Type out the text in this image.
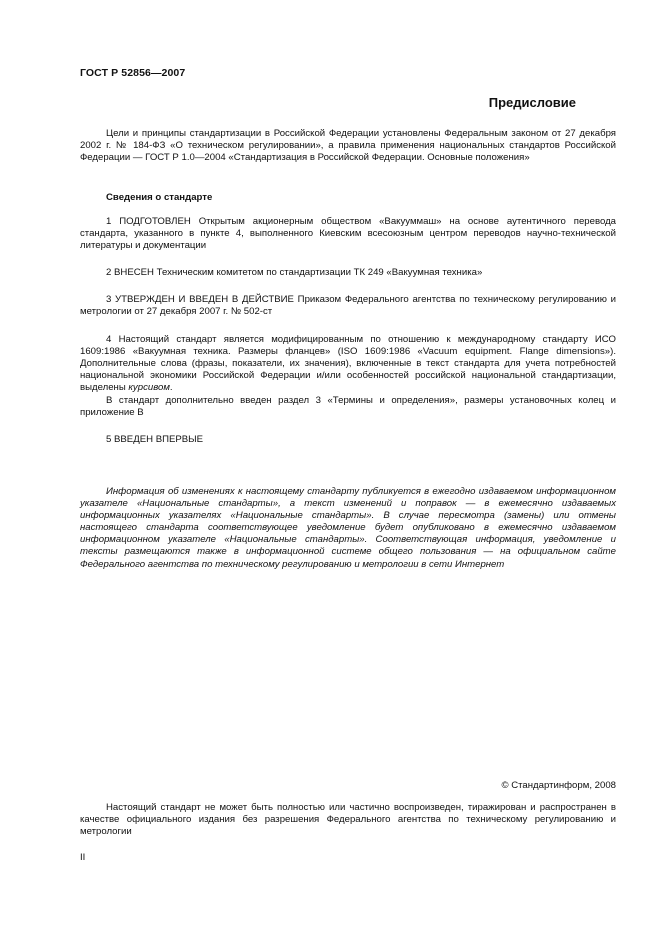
ГОСТ Р 52856—2007
Предисловие

Цели и принципы стандартизации в Российской Федерации установлены Федеральным законом от 27 декабря 2002 г. № 184-ФЗ «О техническом регулировании», а правила применения национальных стандартов Российской Федерации — ГОСТ Р 1.0—2004 «Стандартизация в Российской Федерации. Основные положения»

Сведения о стандарте

1 ПОДГОТОВЛЕН Открытым акционерным обществом «Вакууммаш» на основе аутентичного перевода стандарта, указанного в пункте 4, выполненного Киевским всесоюзным центром переводов научно-технической литературы и документации

2 ВНЕСЕН Техническим комитетом по стандартизации ТК 249 «Вакуумная техника»

3 УТВЕРЖДЕН И ВВЕДЕН В ДЕЙСТВИЕ Приказом Федерального агентства по техническому регулированию и метрологии от 27 декабря 2007 г. № 502-ст

4 Настоящий стандарт является модифицированным по отношению к международному стандарту ИСО 1609:1986 «Вакуумная техника. Размеры фланцев» (ISO 1609:1986 «Vacuum equipment. Flange dimensions»). Дополнительные слова (фразы, показатели, их значения), включенные в текст стандарта для учета потребностей национальной экономики Российской Федерации и/или особенностей российской национальной стандартизации, выделены курсивом.

В стандарт дополнительно введен раздел 3 «Термины и определения», размеры установочных колец и приложение В

5 ВВЕДЕН ВПЕРВЫЕ

Информация об изменениях к настоящему стандарту публикуется в ежегодно издаваемом информационном указателе «Национальные стандарты», а текст изменений и поправок — в ежемесячно издаваемых информационных указателях «Национальные стандарты». В случае пересмотра (замены) или отмены настоящего стандарта соответствующее уведомление будет опубликовано в ежемесячно издаваемом информационном указателе «Национальные стандарты». Соответствующая информация, уведомление и тексты размещаются также в информационной системе общего пользования — на официальном сайте Федерального агентства по техническому регулированию и метрологии в сети Интернет

© Стандартинформ, 2008

Настоящий стандарт не может быть полностью или частично воспроизведен, тиражирован и распространен в качестве официального издания без разрешения Федерального агентства по техническому регулированию и метрологии

II
